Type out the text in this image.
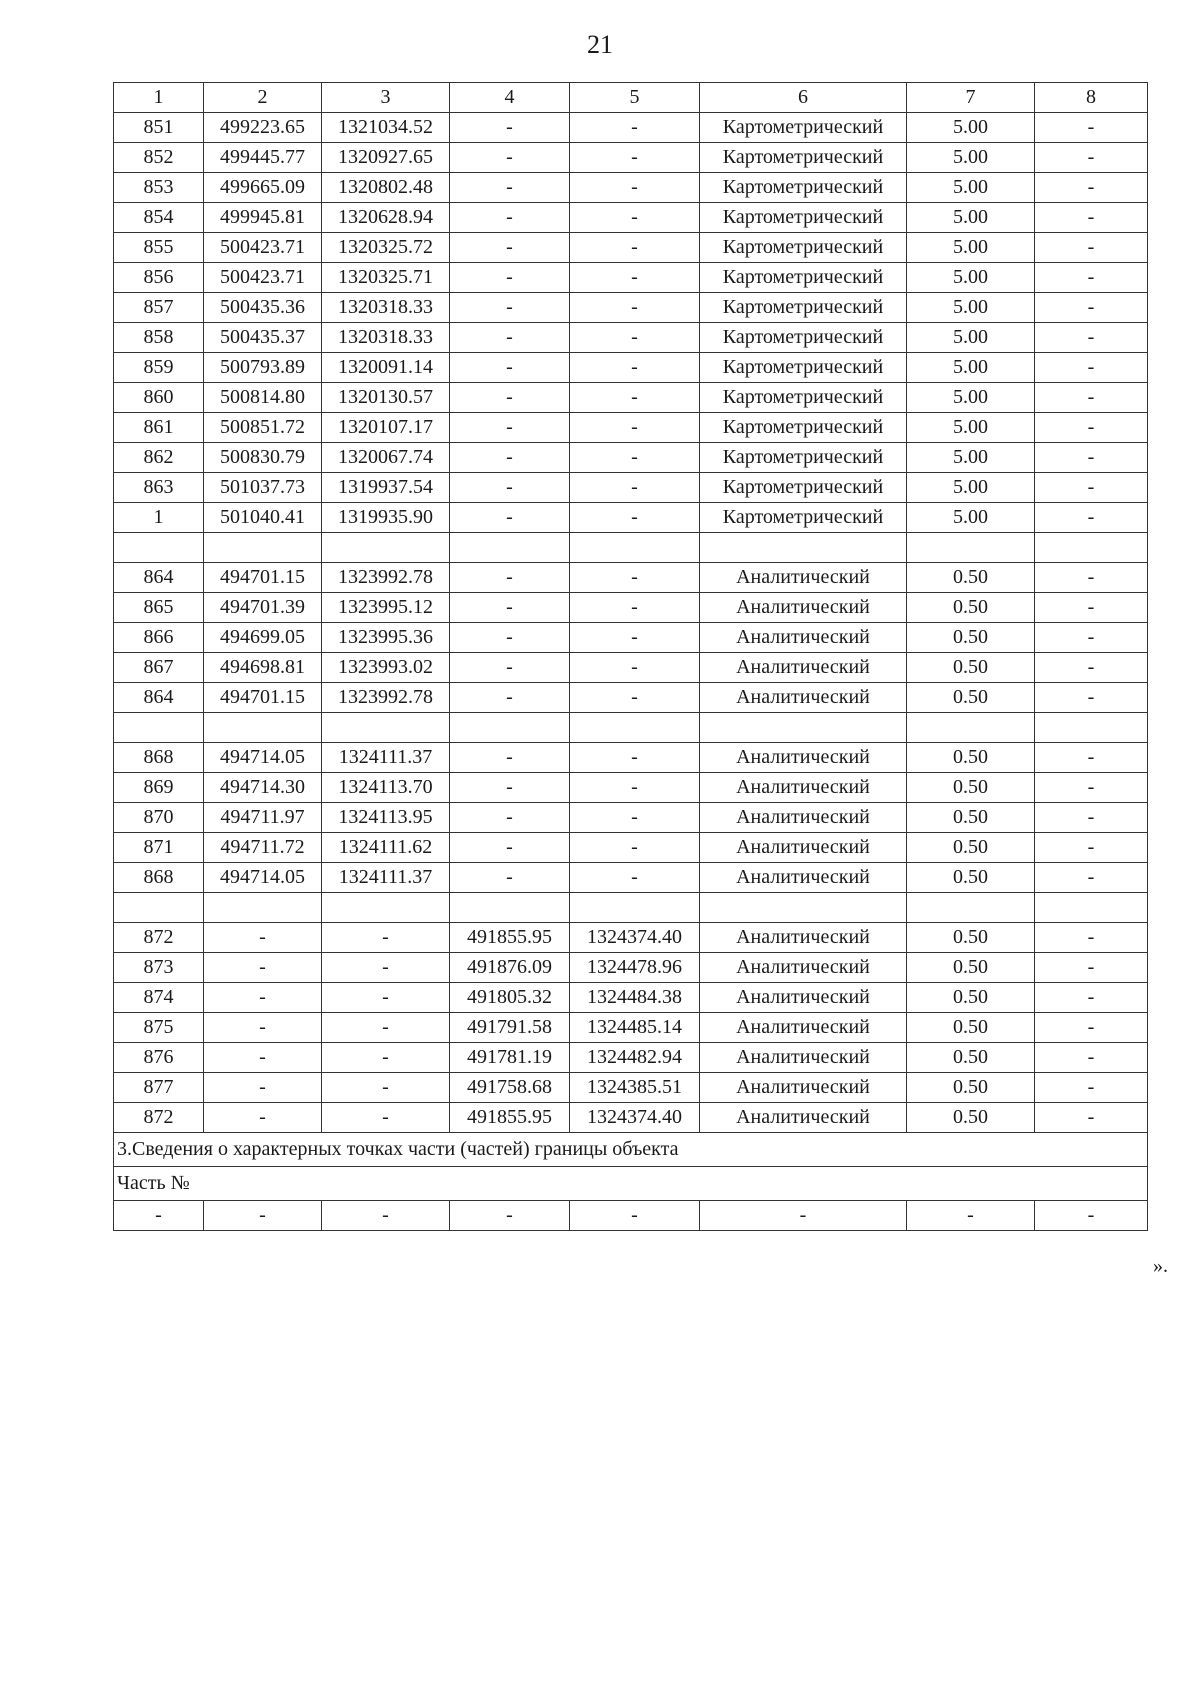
21
1	2	3	4	5	6	7	8
851	499223.65	1321034.52	-	-	Картометрический	5.00	-
852	499445.77	1320927.65	-	-	Картометрический	5.00	-
853	499665.09	1320802.48	-	-	Картометрический	5.00	-
854	499945.81	1320628.94	-	-	Картометрический	5.00	-
855	500423.71	1320325.72	-	-	Картометрический	5.00	-
856	500423.71	1320325.71	-	-	Картометрический	5.00	-
857	500435.36	1320318.33	-	-	Картометрический	5.00	-
858	500435.37	1320318.33	-	-	Картометрический	5.00	-
859	500793.89	1320091.14	-	-	Картометрический	5.00	-
860	500814.80	1320130.57	-	-	Картометрический	5.00	-
861	500851.72	1320107.17	-	-	Картометрический	5.00	-
862	500830.79	1320067.74	-	-	Картометрический	5.00	-
863	501037.73	1319937.54	-	-	Картометрический	5.00	-
1	501040.41	1319935.90	-	-	Картометрический	5.00	-

864	494701.15	1323992.78	-	-	Аналитический	0.50	-
865	494701.39	1323995.12	-	-	Аналитический	0.50	-
866	494699.05	1323995.36	-	-	Аналитический	0.50	-
867	494698.81	1323993.02	-	-	Аналитический	0.50	-
864	494701.15	1323992.78	-	-	Аналитический	0.50	-

868	494714.05	1324111.37	-	-	Аналитический	0.50	-
869	494714.30	1324113.70	-	-	Аналитический	0.50	-
870	494711.97	1324113.95	-	-	Аналитический	0.50	-
871	494711.72	1324111.62	-	-	Аналитический	0.50	-
868	494714.05	1324111.37	-	-	Аналитический	0.50	-

872	-	-	491855.95	1324374.40	Аналитический	0.50	-
873	-	-	491876.09	1324478.96	Аналитический	0.50	-
874	-	-	491805.32	1324484.38	Аналитический	0.50	-
875	-	-	491791.58	1324485.14	Аналитический	0.50	-
876	-	-	491781.19	1324482.94	Аналитический	0.50	-
877	-	-	491758.68	1324385.51	Аналитический	0.50	-
872	-	-	491855.95	1324374.40	Аналитический	0.50	-
3.Сведения о характерных точках части (частей) границы объекта							
Часть №							
-	-	-	-	-	-	-	-
».
